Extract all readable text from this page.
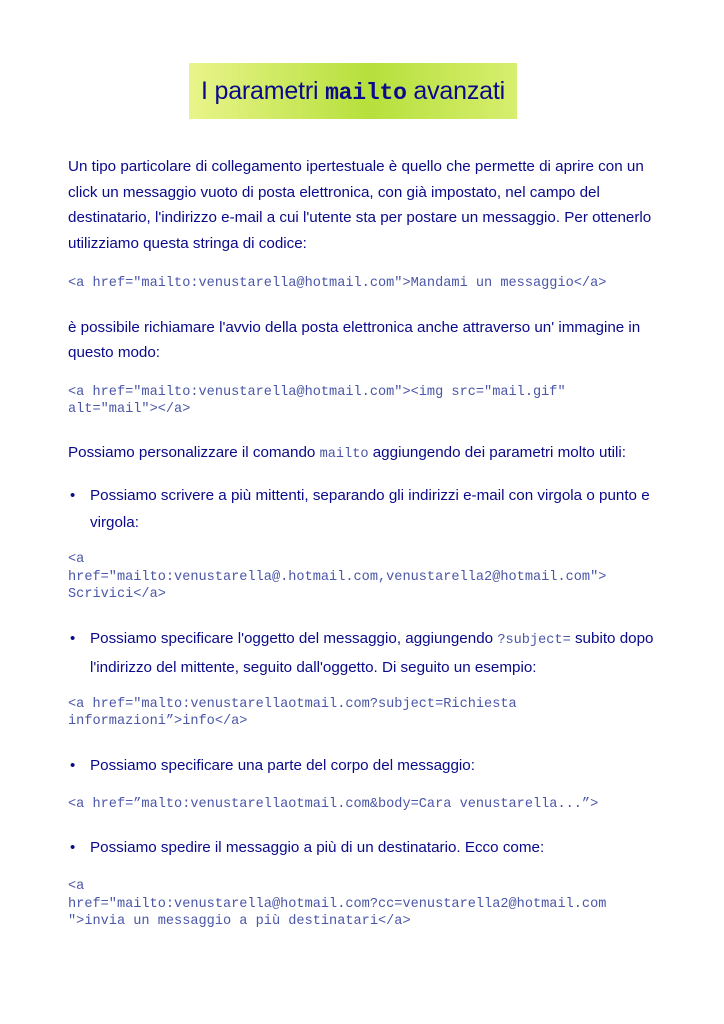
I parametri mailto avanzati

Un tipo particolare di collegamento ipertestuale è quello che permette di aprire con un click un messaggio vuoto di posta elettronica, con già impostato, nel campo del destinatario, l'indirizzo e-mail a cui l'utente sta per postare un messaggio. Per ottenerlo utilizziamo questa stringa di codice:

<a href="mailto:venustarella@hotmail.com">Mandami un messaggio</a>

è possibile richiamare l'avvio della posta elettronica anche attraverso un' immagine in questo modo:

<a href="mailto:venustarella@hotmail.com"><img src="mail.gif"
alt="mail"></a>

Possiamo personalizzare il comando mailto aggiungendo dei parametri molto utili:

• Possiamo scrivere a più mittenti, separando gli indirizzi e-mail con virgola o punto e virgola:

<a
href="mailto:venustarella@.hotmail.com,venustarella2@hotmail.com">
Scrivici</a>

• Possiamo specificare l'oggetto del messaggio, aggiungendo ?subject= subito dopo l'indirizzo del mittente, seguito dall'oggetto. Di seguito un esempio:

<a href="malto:venustarellaotmail.com?subject=Richiesta
informazioni”>info</a>

• Possiamo specificare una parte del corpo del messaggio:

<a href=”malto:venustarellaotmail.com&body=Cara venustarella...”>

• Possiamo spedire il messaggio a più di un destinatario. Ecco come:

<a
href="mailto:venustarella@hotmail.com?cc=venustarella2@hotmail.com
">invia un messaggio a più destinatari</a>
